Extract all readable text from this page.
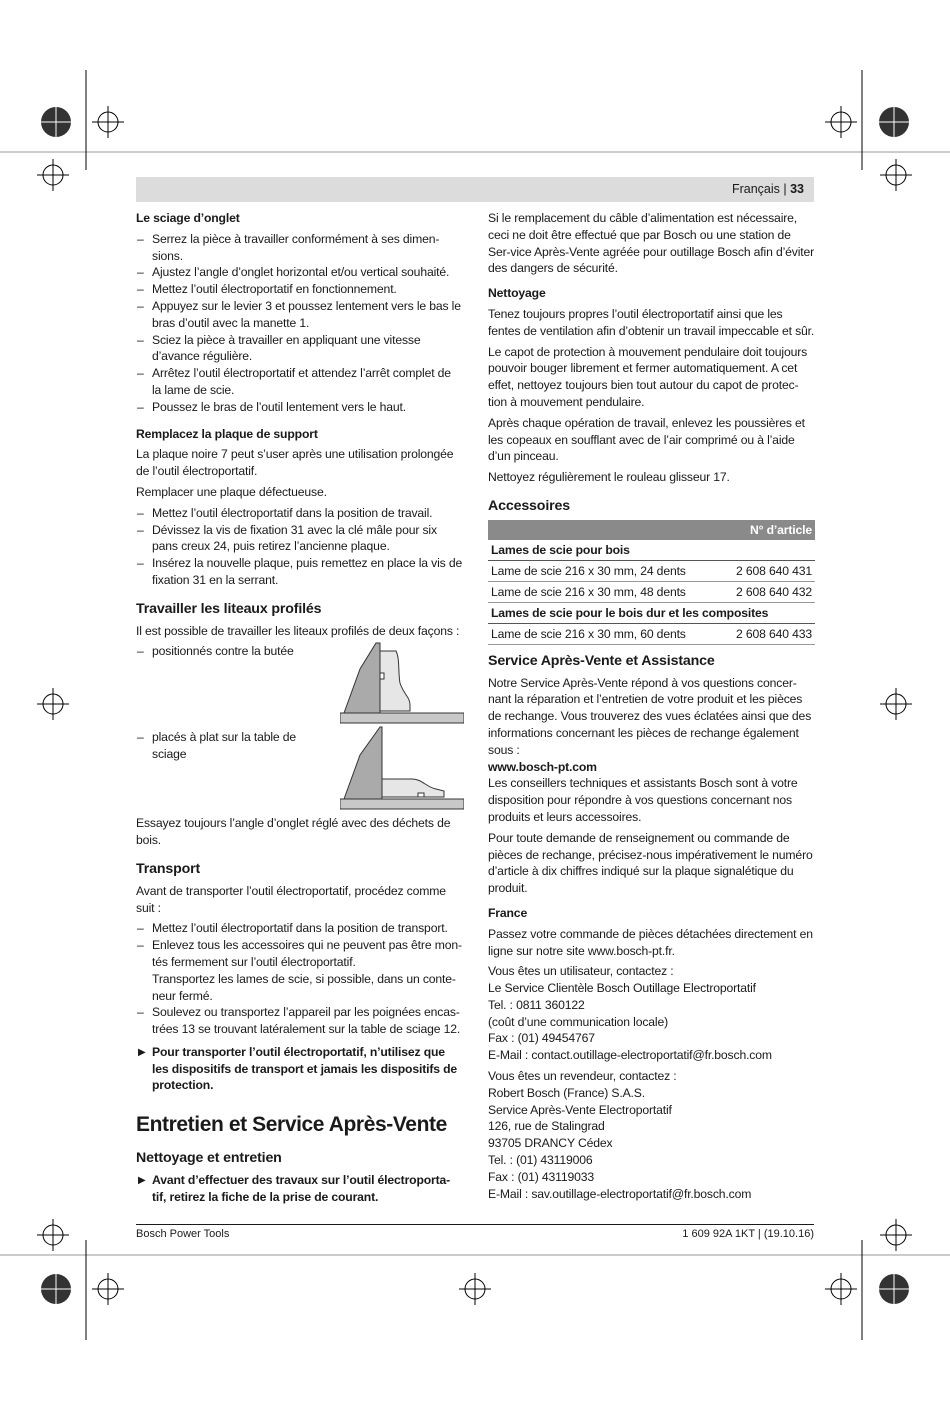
Français | 33
Le sciage d’onglet
– Serrez la pièce à travailler conformément à ses dimen-sions.
– Ajustez l’angle d’onglet horizontal et/ou vertical souhaité.
– Mettez l’outil électroportatif en fonctionnement.
– Appuyez sur le levier 3 et poussez lentement vers le bas le bras d’outil avec la manette 1.
– Sciez la pièce à travailler en appliquant une vitesse d’avance régulière.
– Arrêtez l’outil électroportatif et attendez l’arrêt complet de la lame de scie.
– Poussez le bras de l’outil lentement vers le haut.
Remplacez la plaque de support

La plaque noire 7 peut s’user après une utilisation prolongée de l’outil électroportatif.

Remplacer une plaque défectueuse.

– Mettez l’outil électroportatif dans la position de travail.
– Dévissez la vis de fixation 31 avec la clé mâle pour six pans creux 24, puis retirez l’ancienne plaque.
– Insérez la nouvelle plaque, puis remettez en place la vis de fixation 31 en la serrant.
Travailler les liteaux profilés

Il est possible de travailler les liteaux profilés de deux façons :

– positionnés contre la butée
– placés à plat sur la table de sciage

Essayez toujours l’angle d’onglet réglé avec des déchets de bois.

Transport

Avant de transporter l’outil électroportatif, procédez comme suit :

– Mettez l’outil électroportatif dans la position de transport.
– Enlevez tous les accessoires qui ne peuvent pas être mon-tés fermement sur l’outil électroportatif.
Transportez les lames de scie, si possible, dans un conte-neur fermé.
– Soulevez ou transportez l’appareil par les poignées encas-trées 13 se trouvant latéralement sur la table de sciage 12.
▶ Pour transporter l’outil électroportatif, n’utilisez que les dispositifs de transport et jamais les dispositifs de protection.
Entretien et Service Après-Vente
Nettoyage et entretien
▶ Avant d’effectuer des travaux sur l’outil électroporta-tif, retirez la fiche de la prise de courant.

Si le remplacement du câble d’alimentation est nécessaire, ceci ne doit être effectué que par Bosch ou une station de Ser-vice Après-Vente agréée pour outillage Bosch afin d’éviter des dangers de sécurité.

Nettoyage

Tenez toujours propres l’outil électroportatif ainsi que les fentes de ventilation afin d’obtenir un travail impeccable et sûr.

Le capot de protection à mouvement pendulaire doit toujours pouvoir bouger librement et fermer automatiquement. A cet effet, nettoyez toujours bien tout autour du capot de protec-tion à mouvement pendulaire.

Après chaque opération de travail, enlevez les poussières et les copeaux en soufflant avec de l’air comprimé ou à l’aide d’un pinceau.

Nettoyez régulièrement le rouleau glisseur 17.

Accessoires
N° d’article	
Lames de scie pour bois	
Lame de scie 216 x 30 mm, 24 dents	2 608 640 431
Lame de scie 216 x 30 mm, 48 dents	2 608 640 432
Lames de scie pour le bois dur et les composites	
Lame de scie 216 x 30 mm, 60 dents	2 608 640 433
Service Après-Vente et Assistance

Notre Service Après-Vente répond à vos questions concer-nant la réparation et l’entretien de votre produit et les pièces de rechange. Vous trouverez des vues éclatées ainsi que des informations concernant les pièces de rechange également sous :

www.bosch-pt.com

Les conseillers techniques et assistants Bosch sont à votre disposition pour répondre à vos questions concernant nos produits et leurs accessoires.

Pour toute demande de renseignement ou commande de pièces de rechange, précisez-nous impérativement le numéro d’article à dix chiffres indiqué sur la plaque signalétique du produit.

France

Passez votre commande de pièces détachées directement en ligne sur notre site www.bosch-pt.fr.

Vous êtes un utilisateur, contactez :
Le Service Clientèle Bosch Outillage Electroportatif
Tel. : 0811 360122
(coût d’une communication locale)
Fax : (01) 49454767
E-Mail : contact.outillage-electroportatif@fr.bosch.com
Vous êtes un revendeur, contactez :
Robert Bosch (France) S.A.S.
Service Après-Vente Electroportatif
126, rue de Stalingrad
93705 DRANCY Cédex
Tel. : (01) 43119006
Fax : (01) 43119033
E-Mail : sav.outillage-electroportatif@fr.bosch.com
Bosch Power Tools	1 609 92A 1KT | (19.10.16)
